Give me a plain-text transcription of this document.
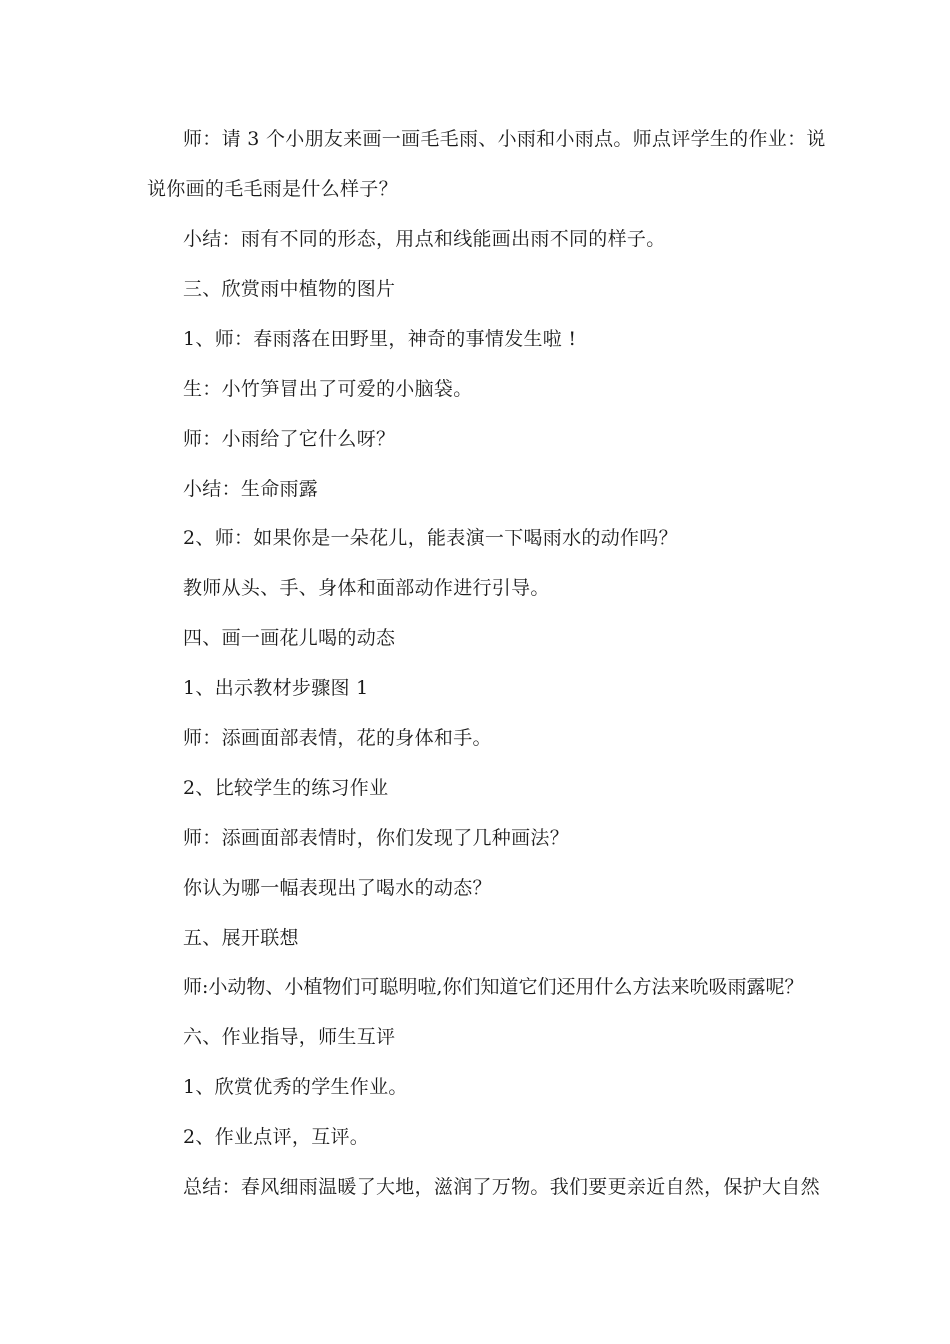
师：请 3 个小朋友来画一画毛毛雨、小雨和小雨点。师点评学生的作业：说
说你画的毛毛雨是什么样子？
小结：雨有不同的形态，用点和线能画出雨不同的样子。
三、欣赏雨中植物的图片
1、师：春雨落在田野里，神奇的事情发生啦 !
生：小竹笋冒出了可爱的小脑袋。
师：小雨给了它什么呀？
小结：生命雨露
2、师：如果你是一朵花儿，能表演一下喝雨水的动作吗？
教师从头、手、身体和面部动作进行引导。
四、画一画花儿喝的动态
1、出示教材步骤图 1
师：添画面部表情，花的身体和手。
2、比较学生的练习作业
师：添画面部表情时，你们发现了几种画法？
你认为哪一幅表现出了喝水的动态？
五、展开联想
师:小动物、小植物们可聪明啦,你们知道它们还用什么方法来吮吸雨露呢？
六、作业指导，师生互评
1、欣赏优秀的学生作业。
2、作业点评，互评。
总结：春风细雨温暖了大地，滋润了万物。我们要更亲近自然，保护大自然
